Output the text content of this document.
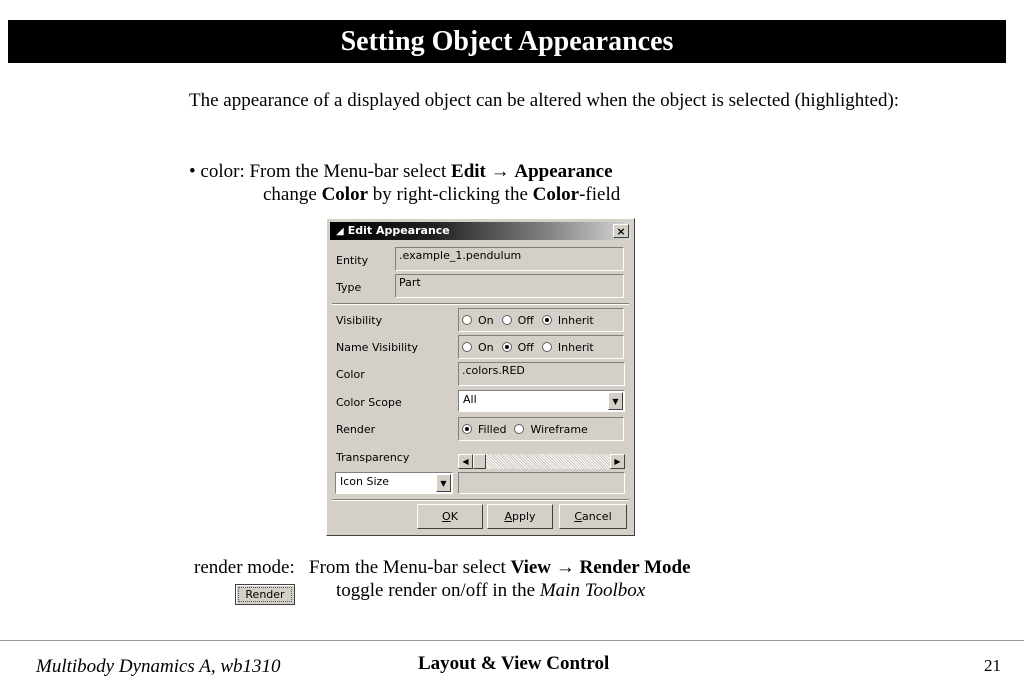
Setting Object Appearances
The appearance of a displayed object can be altered when the object is selected (highlighted):
• color: From the Menu-bar select Edit → Appearance
change Color by right-clicking the Color-field
◢ Edit Appearance	×
Entity	.example_1.pendulum
Type	Part
Visibility	On Off Inherit
Name Visibility	On Off Inherit
Color	.colors.RED
Color Scope	All	▼
Render	Filled Wireframe
Transparency	◀	▶
Icon Size	▼
O K	A pply	C ancel
render mode: From the Menu-bar select View → Render Mode
toggle render on/off in the Main Toolbox
Render
Multibody Dynamics A, wb1310	Layout & View Control	21
